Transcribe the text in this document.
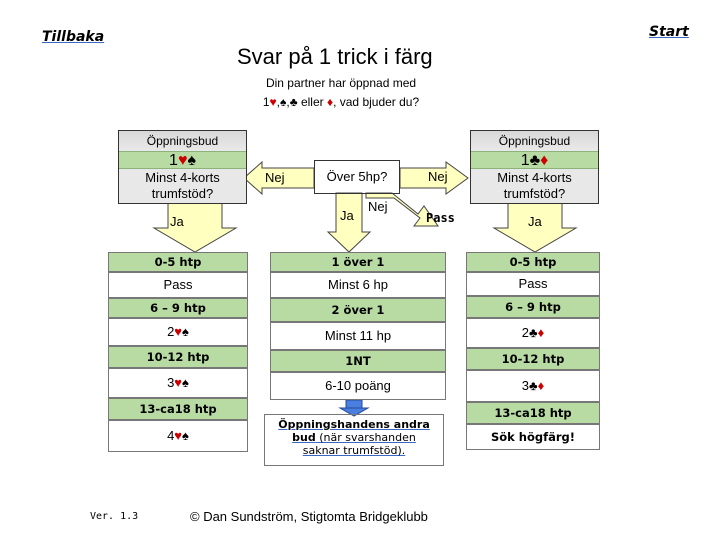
Tillbaka	Start
Svar på 1 trick i färg
Din partner har öppnad med
1♥,♠,♣ eller ♦, vad bjuder du?
Öppningsbud
1♥♠
Minst 4-korts trumfstöd?
Öppningsbud
1♣♦
Minst 4-korts trumfstöd?
Över 5hp?
Nej	Nej
Ja	Ja
Ja
Nej
Pass
0-5 htp
Pass
6 – 9 htp
2♥♠
10-12 htp
3♥♠
13-ca18 htp
4♥♠
1 över 1
Minst 6 hp
2 över 1
Minst 11 hp
1NT
6-10 poäng
0-5 htp
Pass
6 – 9 htp
2♣♦
10-12 htp
3♣♦
13-ca18 htp
Sök högfärg!
Öppningshandens andra
bud (när svarshanden
saknar trumfstöd).
Ver. 1.3	© Dan Sundström, Stigtomta Bridgeklubb
